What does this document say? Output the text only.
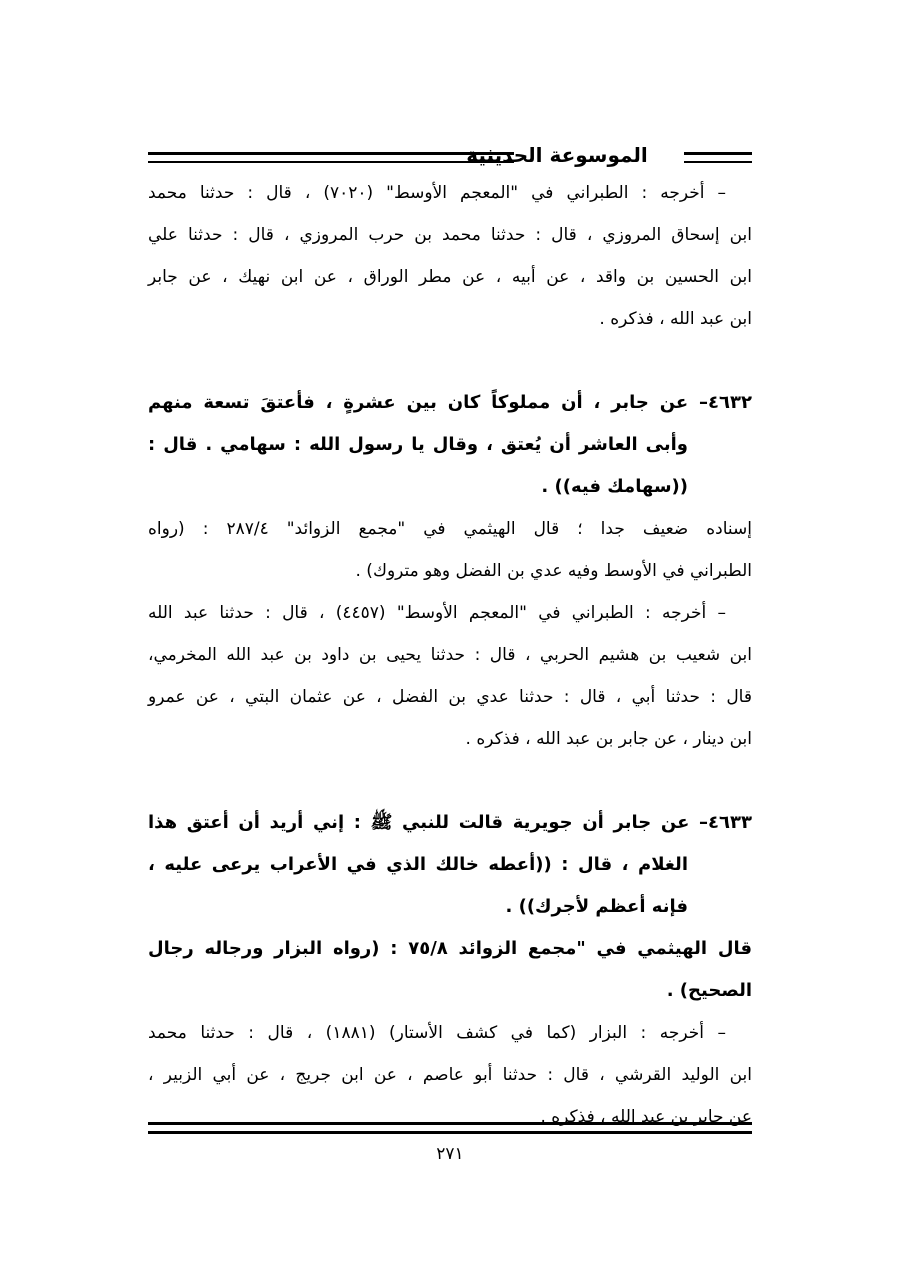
الموسوعة الحديثية
– أخرجه : الطبراني في "المعجم الأوسط" (٧٠٢٠) ، قال : حدثنا محمد
ابن إسحاق المروزي ، قال : حدثنا محمد بن حرب المروزي ، قال : حدثنا علي
ابن الحسين بن واقد ، عن أبيه ، عن مطر الوراق ، عن ابن نهيك ، عن جابر
ابن عبد الله ، فذكره .
٤٦٣٢– عن جابر ، أن مملوكاً كان بين عشرةٍ ، فأعتقَ تسعة منهم
وأبى العاشر أن يُعتق ، وقال يا رسول الله : سهامي . قال :
((سهامك فيه)) .
إسناده ضعيف جدا ؛ قال الهيثمي في "مجمع الزوائد" ٢٨٧/٤ : (رواه
الطبراني في الأوسط وفيه عدي بن الفضل وهو متروك) .
– أخرجه : الطبراني في "المعجم الأوسط" (٤٤٥٧) ، قال : حدثنا عبد الله
ابن شعيب بن هشيم الحربي ، قال : حدثنا يحيى بن داود بن عبد الله المخرمي،
قال : حدثنا أبي ، قال : حدثنا عدي بن الفضل ، عن عثمان البتي ، عن عمرو
ابن دينار ، عن جابر بن عبد الله ، فذكره .
٤٦٣٣– عن جابر أن جويرية قالت للنبي ﷺ : إني أريد أن أعتق هذا
الغلام ، قال : ((أعطه خالك الذي في الأعراب يرعى عليه ،
فإنه أعظم لأجرك)) .
قال الهيثمي في "مجمع الزوائد ٧٥/٨ : (رواه البزار ورجاله رجال
الصحيح) .
– أخرجه : البزار (كما في كشف الأستار) (١٨٨١) ، قال : حدثنا محمد
ابن الوليد القرشي ، قال : حدثنا أبو عاصم ، عن ابن جريج ، عن أبي الزبير ،
عن جابر بن عبد الله ، فذكره .
٢٧١
